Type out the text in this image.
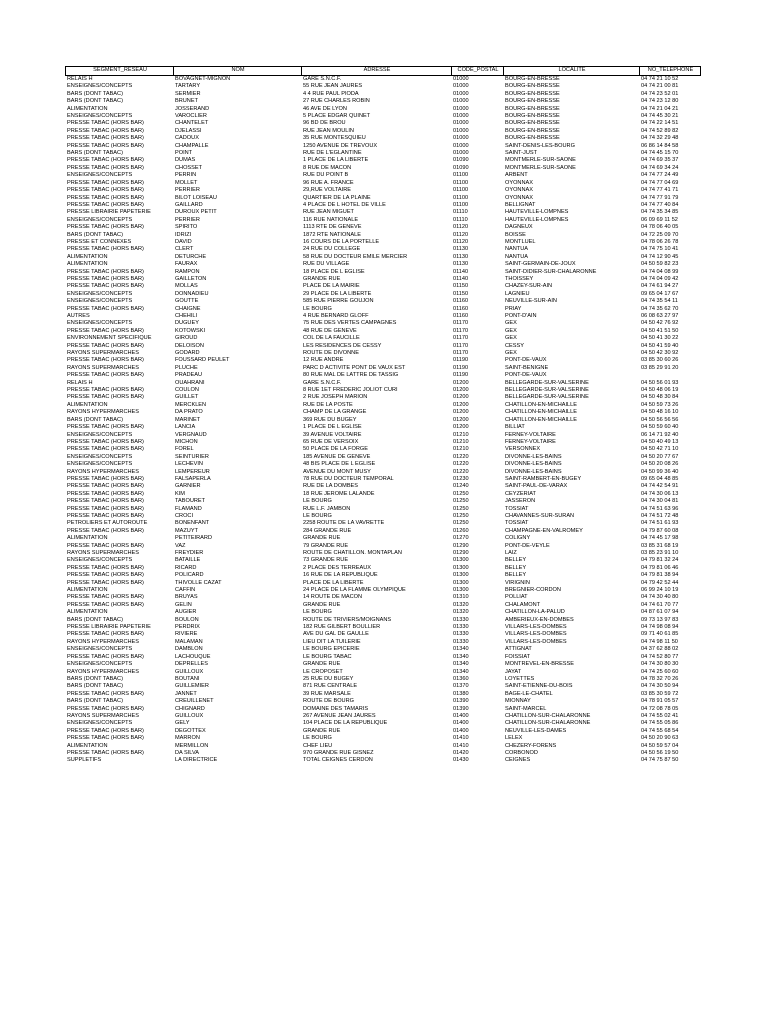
SEGMENT_RESEAU	NOM	ADRESSE	CODE_POSTAL	LOCALITE	NO_TELEPHONE
RELAIS H	BOVAGNET-MIGNON	GARE S.N.C.F.	01000	BOURG-EN-BRESSE	04 74 21 10 52
ENSEIGNES/CONCEPTS	TARTARY	55 RUE JEAN JAURES	01000	BOURG-EN-BRESSE	04 74 21 00 81
BARS (DONT TABAC)	SERMIER	4 4 RUE PAUL PIODA	01000	BOURG-EN-BRESSE	04 74 23 52 01
BARS (DONT TABAC)	BRUNET	27 RUE CHARLES ROBIN	01000	BOURG-EN-BRESSE	04 74 23 12 80
ALIMENTATION	JOSSERAND	46 AVE DE LYON	01000	BOURG-EN-BRESSE	04 74 21 04 21
ENSEIGNES/CONCEPTS	VAROCLIER	5 PLACE EDGAR QUINET	01000	BOURG-EN-BRESSE	04 74 45 30 21
PRESSE TABAC (HORS BAR)	CHANTELET	96 BD DE BROU	01000	BOURG-EN-BRESSE	04 74 22 14 51
PRESSE TABAC (HORS BAR)	DJELASSI	RUE JEAN MOULIN	01000	BOURG-EN-BRESSE	04 74 52 89 82
PRESSE TABAC (HORS BAR)	CADOUX	35 RUE MONTESQUIEU	01000	BOURG-EN-BRESSE	04 74 32 29 48
PRESSE TABAC (HORS BAR)	CHAMPALLE	1250 AVENUE DE TREVOUX	01000	SAINT-DENIS-LES-BOURG	06 86 14 84 58
BARS (DONT TABAC)	POINT	RUE DE L'EGLANTINE	01000	SAINT-JUST	04 74 45 15 70
PRESSE TABAC (HORS BAR)	DUMAS	1 PLACE DE LA LIBERTE	01090	MONTMERLE-SUR-SAONE	04 74 69 35 37
PRESSE TABAC (HORS BAR)	CHOSSET	8 RUE DE MACON	01090	MONTMERLE-SUR-SAONE	04 74 69 34 24
ENSEIGNES/CONCEPTS	PERRIN	RUE DU POINT B	01100	ARBENT	04 74 77 24 49
PRESSE TABAC (HORS BAR)	MOLLET	96 RUE A. FRANCE	01100	OYONNAX	04 74 77 04 69
PRESSE TABAC (HORS BAR)	PERRIER	29,RUE VOLTAIRE	01100	OYONNAX	04 74 77 41 71
PRESSE TABAC (HORS BAR)	BILOT LOISEAU	QUARTIER DE LA PLAINE	01100	OYONNAX	04 74 77 91 79
PRESSE TABAC (HORS BAR)	GAILLARD	4 PLACE DE L HOTEL DE VILLE	01100	BELLIGNAT	04 74 77 40 84
PRESSE LIBRAIRIE PAPETERIE	DUROUX PETIT	RUE JEAN MIGUET	01110	HAUTEVILLE-LOMPNES	04 74 35 34 85
ENSEIGNES/CONCEPTS	PERRIER	116 RUE NATIONALE	01110	HAUTEVILLE-LOMPNES	06 09 69 11 52
PRESSE TABAC (HORS BAR)	SPIRITO	1113 RTE DE GENEVE	01120	DAGNEUX	04 78 06 40 05
BARS (DONT TABAC)	IDRIZI	1872 RTE NATIONALE	01120	BOISSE	04 72 25 09 70
PRESSE ET CONNEXES	DAVID	16 COURS DE LA PORTELLE	01120	MONTLUEL	04 78 06 26 78
PRESSE TABAC (HORS BAR)	CLERT	24 RUE DU COLLEGE	01130	NANTUA	04 74 75 10 41
ALIMENTATION	DETURCHE	58 RUE DU DOCTEUR EMILE MERCIER	01130	NANTUA	04 74 12 90 45
ALIMENTATION	FAURAX	RUE DU VILLAGE	01130	SAINT-GERMAIN-DE-JOUX	04 50 59 82 23
PRESSE TABAC (HORS BAR)	RAMPON	18 PLACE DE L EGLISE	01140	SAINT-DIDIER-SUR-CHALARONNE	04 74 04 08 99
PRESSE TABAC (HORS BAR)	GAILLETON	GRANDE RUE	01140	THOISSEY	04 74 04 09 42
PRESSE TABAC (HORS BAR)	MOLLAS	PLACE DE LA MAIRIE	01150	CHAZEY-SUR-AIN	04 74 61 94 27
ENSEIGNES/CONCEPTS	DONNADIEU	29 PLACE DE LA LIBERTE	01150	LAGNIEU	09 65 04 17 67
ENSEIGNES/CONCEPTS	GOUTTE	585 RUE PIERRE GOUJON	01160	NEUVILLE-SUR-AIN	04 74 35 54 11
PRESSE TABAC (HORS BAR)	CHAIGNE	LE BOURG	01160	PRIAY	04 74 35 62 70
AUTRES	CHEHILI	4 RUE BERNARD GLOFF	01160	PONT-D'AIN	06 08 63 27 97
ENSEIGNES/CONCEPTS	DUGUEY	75 RUE DES VERTES CAMPAGNES	01170	GEX	04 50 42 76 92
PRESSE TABAC (HORS BAR)	KOTOWSKI	48 RUE DE GENEVE	01170	GEX	04 50 41 51 50
ENVIRONNEMENT SPECIFIQUE	GIROUD	COL DE LA FAUCILLE	01170	GEX	04 50 41 30 22
PRESSE TABAC (HORS BAR)	DELOISON	LES RESIDENCES DE CESSY	01170	CESSY	04 50 41 59 40
RAYONS SUPERMARCHES	GODARD	ROUTE DE DIVONNE	01170	GEX	04 50 42 30 92
PRESSE TABAC (HORS BAR)	FOUSSARD PEULET	12 RUE ANDRE	01190	PONT-DE-VAUX	03 85 30 60 26
RAYONS SUPERMARCHES	PLUCHE	PARC D ACTIVITE PONT DE VAUX EST	01190	SAINT-BENIGNE	03 85 29 91 20
PRESSE TABAC (HORS BAR)	PRADEAU	80 RUE MAL DE LATTRE DE TASSIG	01190	PONT-DE-VAUX	
RELAIS H	OUAHRANI	GARE S.N.C.F.	01200	BELLEGARDE-SUR-VALSERINE	04 50 56 01 93
PRESSE TABAC (HORS BAR)	COULON	8 RUE 1ET FREDERIC JOLIOT CURI	01200	BELLEGARDE-SUR-VALSERINE	04 50 48 06 19
PRESSE TABAC (HORS BAR)	GUILLET	2 RUE JOSEPH MARION	01200	BELLEGARDE-SUR-VALSERINE	04 50 48 30 84
ALIMENTATION	MERCKLEN	RUE DE LA POSTE	01200	CHATILLON-EN-MICHAILLE	04 50 59 73 26
RAYONS HYPERMARCHES	DA PRATO	CHAMP DE LA GRANGE	01200	CHATILLON-EN-MICHAILLE	04 50 48 16 10
BARS (DONT TABAC)	MARINET	369 RUE DU BUGEY	01200	CHATILLON-EN-MICHAILLE	04 50 56 56 56
PRESSE TABAC (HORS BAR)	LANCIA	1 PLACE DE L EGLISE	01200	BILLIAT	04 50 59 60 40
ENSEIGNES/CONCEPTS	VERGNAUD	39 AVENUE VOLTAIRE	01210	FERNEY-VOLTAIRE	06 14 71 92 40
PRESSE TABAC (HORS BAR)	MICHON	65 RUE DE VERSOIX	01210	FERNEY-VOLTAIRE	04 50 40 49 13
PRESSE TABAC (HORS BAR)	FOREL	50 PLACE DE LA FORGE	01210	VERSONNEX	04 50 42 71 10
ENSEIGNES/CONCEPTS	SEINTURIER	185 AVENUE DE GENEVE	01220	DIVONNE-LES-BAINS	04 50 20 77 67
ENSEIGNES/CONCEPTS	LECHEVIN	48 BIS PLACE DE L EGLISE	01220	DIVONNE-LES-BAINS	04 50 20 08 26
RAYONS HYPERMARCHES	LEMPEREUR	AVENUE DU MONT MUSY	01220	DIVONNE-LES-BAINS	04 50 99 36 40
PRESSE TABAC (HORS BAR)	FALSAPERLA	78 RUE DU DOCTEUR TEMPORAL	01230	SAINT-RAMBERT-EN-BUGEY	09 65 04 48 85
PRESSE TABAC (HORS BAR)	GARNIER	RUE DE LA DOMBES	01240	SAINT-PAUL-DE-VARAX	04 74 42 54 91
PRESSE TABAC (HORS BAR)	KIM	18 RUE JEROME LALANDE	01250	CEYZERIAT	04 74 30 06 13
PRESSE TABAC (HORS BAR)	TABOURET	LE BOURG	01250	JASSERON	04 74 30 04 81
PRESSE TABAC (HORS BAR)	FLAMAND	RUE L.F. JAMBON	01250	TOSSIAT	04 74 51 63 96
PRESSE TABAC (HORS BAR)	CROCI	LE BOURG	01250	CHAVANNES-SUR-SURAN	04 74 51 72 48
PETROLIERS ET AUTOROUTE	BONENFANT	2258 ROUTE DE LA VAVRETTE	01250	TOSSIAT	04 74 51 61 93
PRESSE TABAC (HORS BAR)	MAZUYT	284 GRANDE RUE	01260	CHAMPAGNE-EN-VALROMEY	04 79 87 60 08
ALIMENTATION	PETITEIRARD	GRANDE RUE	01270	COLIGNY	04 74 45 17 98
PRESSE TABAC (HORS BAR)	VAZ	79 GRANDE RUE	01290	PONT-DE-VEYLE	03 85 31 68 19
RAYONS SUPERMARCHES	FREYDIER	ROUTE DE CHATILLON. MONTAPLAN	01290	LAIZ	03 85 23 91 10
ENSEIGNES/CONCEPTS	BATAILLE	73 GRANDE RUE	01300	BELLEY	04 79 81 32 24
PRESSE TABAC (HORS BAR)	RICARD	2 PLACE DES TERREAUX	01300	BELLEY	04 79 81 06 46
PRESSE TABAC (HORS BAR)	POLICARD	16 RUE DE LA REPUBLIQUE	01300	BELLEY	04 79 81 38 94
PRESSE TABAC (HORS BAR)	THIVOLLE CAZAT	PLACE DE LA LIBERTE	01300	VIRIGNIN	04 79 42 52 44
ALIMENTATION	CAFFIN	24 PLACE DE LA FLAMME OLYMPIQUE	01300	BREGNIER-CORDON	06 99 24 10 19
PRESSE TABAC (HORS BAR)	BRUYAS	14 ROUTE DE MACON	01310	POLLIAT	04 74 30 40 80
PRESSE TABAC (HORS BAR)	GELIN	GRANDE RUE	01320	CHALAMONT	04 74 61 70 77
ALIMENTATION	AUGIER	LE BOURG	01320	CHATILLON-LA-PALUD	04 87 61 07 94
BARS (DONT TABAC)	BOULON	ROUTE DE TRIVIERS/MOIGNANS	01330	AMBERIEUX-EN-DOMBES	09 73 13 97 83
PRESSE LIBRAIRIE PAPETERIE	PERDRIX	182 RUE GILBERT BOULLIER	01330	VILLARS-LES-DOMBES	04 74 98 08 94
PRESSE TABAC (HORS BAR)	RIVIERE	AVE DU GAL DE GAULLE	01330	VILLARS-LES-DOMBES	09 71 40 61 85
RAYONS HYPERMARCHES	MALAMAN	LIEU DIT LA TUILERIE	01330	VILLARS-LES-DOMBES	04 74 98 11 50
ENSEIGNES/CONCEPTS	DAMBLON	LE BOURG EPICERIE	01340	ATTIGNAT	04 37 62 88 02
PRESSE TABAC (HORS BAR)	LACHOUQUE	LE BOURG TABAC	01340	FOISSIAT	04 74 52 80 77
ENSEIGNES/CONCEPTS	DEPRELLES	GRANDE RUE	01340	MONTREVEL-EN-BRESSE	04 74 30 80 30
RAYONS HYPERMARCHES	GUILLOUX	LE CROPOSET	01340	JAYAT	04 74 25 60 60
BARS (DONT TABAC)	BOUTANI	25 RUE DU BUGEY	01360	LOYETTES	04 78 32 70 26
BARS (DONT TABAC)	GUILLEMIER	871 RUE CENTRALE	01370	SAINT-ETIENNE-DU-BOIS	04 74 30 50 94
PRESSE TABAC (HORS BAR)	JANNET	39 RUE MARSALE	01380	BAGE-LE-CHATEL	03 85 30 59 72
BARS (DONT TABAC)	CREUILLENET	ROUTE DE BOURG	01390	MIONNAY	04 78 91 05 57
PRESSE TABAC (HORS BAR)	CHIGNARD	DOMAINE DES TAMARIS	01390	SAINT-MARCEL	04 72 08 78 05
RAYONS SUPERMARCHES	GUILLOUX	267 AVENUE JEAN JAURES	01400	CHATILLON-SUR-CHALARONNE	04 74 55 02 41
ENSEIGNES/CONCEPTS	GELY	104 PLACE DE LA REPUBLIQUE	01400	CHATILLON-SUR-CHALARONNE	04 74 55 05 86
PRESSE TABAC (HORS BAR)	DEGOTTEX	GRANDE RUE	01400	NEUVILLE-LES-DAMES	04 74 55 68 54
PRESSE TABAC (HORS BAR)	MARRON	LE BOURG	01410	LELEX	04 50 20 90 63
ALIMENTATION	MERMILLON	CHEF LIEU	01410	CHEZERY-FORENS	04 50 59 57 04
PRESSE TABAC (HORS BAR)	DA SILVA	970 GRANDE RUE GISNEZ	01420	CORBONOD	04 50 56 19 50
SUPPLETIFS	LA DIRECTRICE	TOTAL CEIGNES CERDON	01430	CEIGNES	04 74 75 87 50
